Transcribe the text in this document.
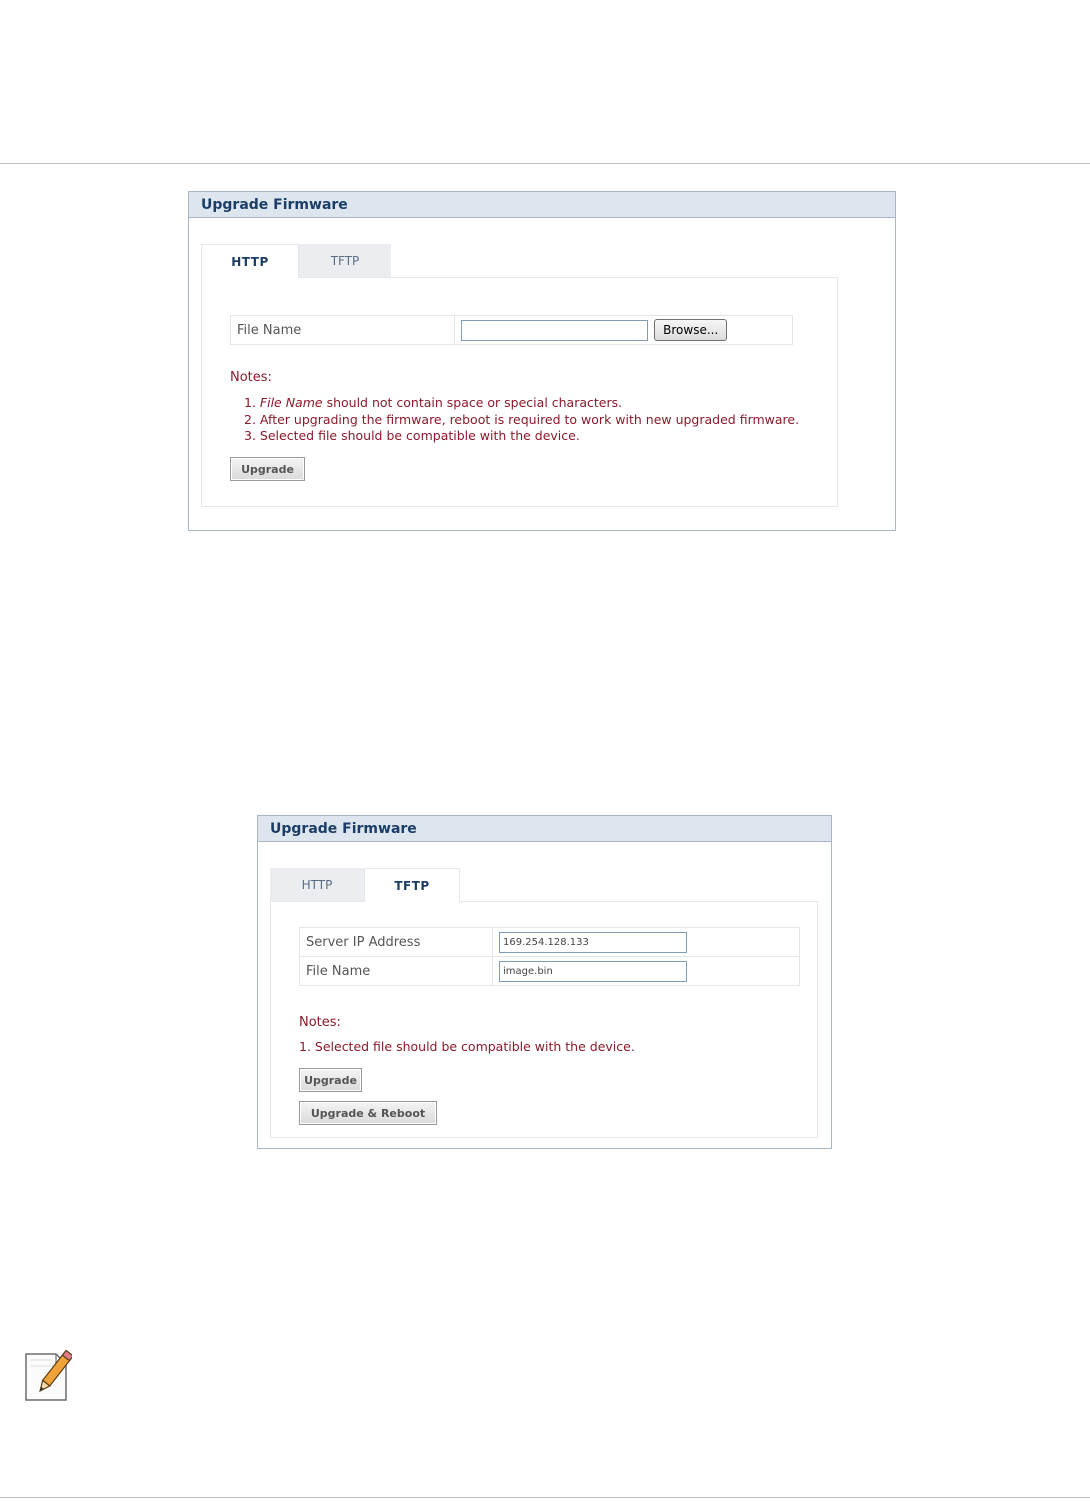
Upgrade Firmware
HTTP	TFTP
File Name	Browse...
Notes:
1. File Name should not contain space or special characters.
2. After upgrading the firmware, reboot is required to work with new upgraded firmware.
3. Selected file should be compatible with the device.
Upgrade
Upgrade Firmware
HTTP	TFTP
Server IP Address	169.254.128.133
File Name	image.bin
Notes:
1. Selected file should be compatible with the device.
Upgrade
Upgrade & Reboot
